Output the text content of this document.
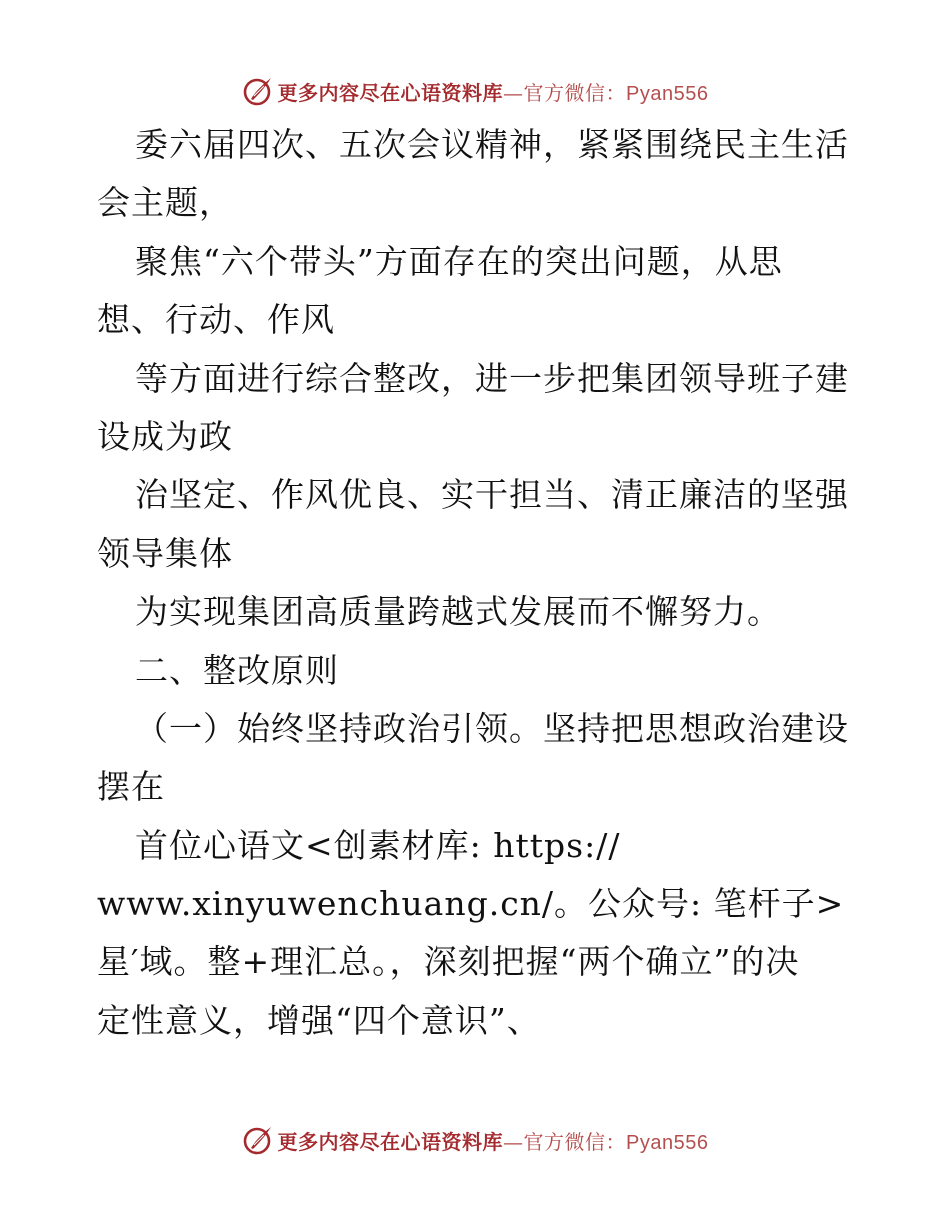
更多内容尽在心语资料库—官方微信：Pyan556
委六届四次、五次会议精神，紧紧围绕民主生活
会主题，
聚焦“六个带头”方面存在的突出问题，从思
想、行动、作风
等方面进行综合整改，进一步把集团领导班子建
设成为政
治坚定、作风优良、实干担当、清正廉洁的坚强
领导集体
为实现集团高质量跨越式发展而不懈努力。
二、整改原则
（一）始终坚持政治引领。坚持把思想政治建设
摆在
首位心语文<创素材库: https://
www.xinyuwenchuang.cn/。公众号: 笔杆子>
星′域。整+理汇总。，深刻把握“两个确立”的决
定性意义，增强“四个意识”、
更多内容尽在心语资料库—官方微信：Pyan556
